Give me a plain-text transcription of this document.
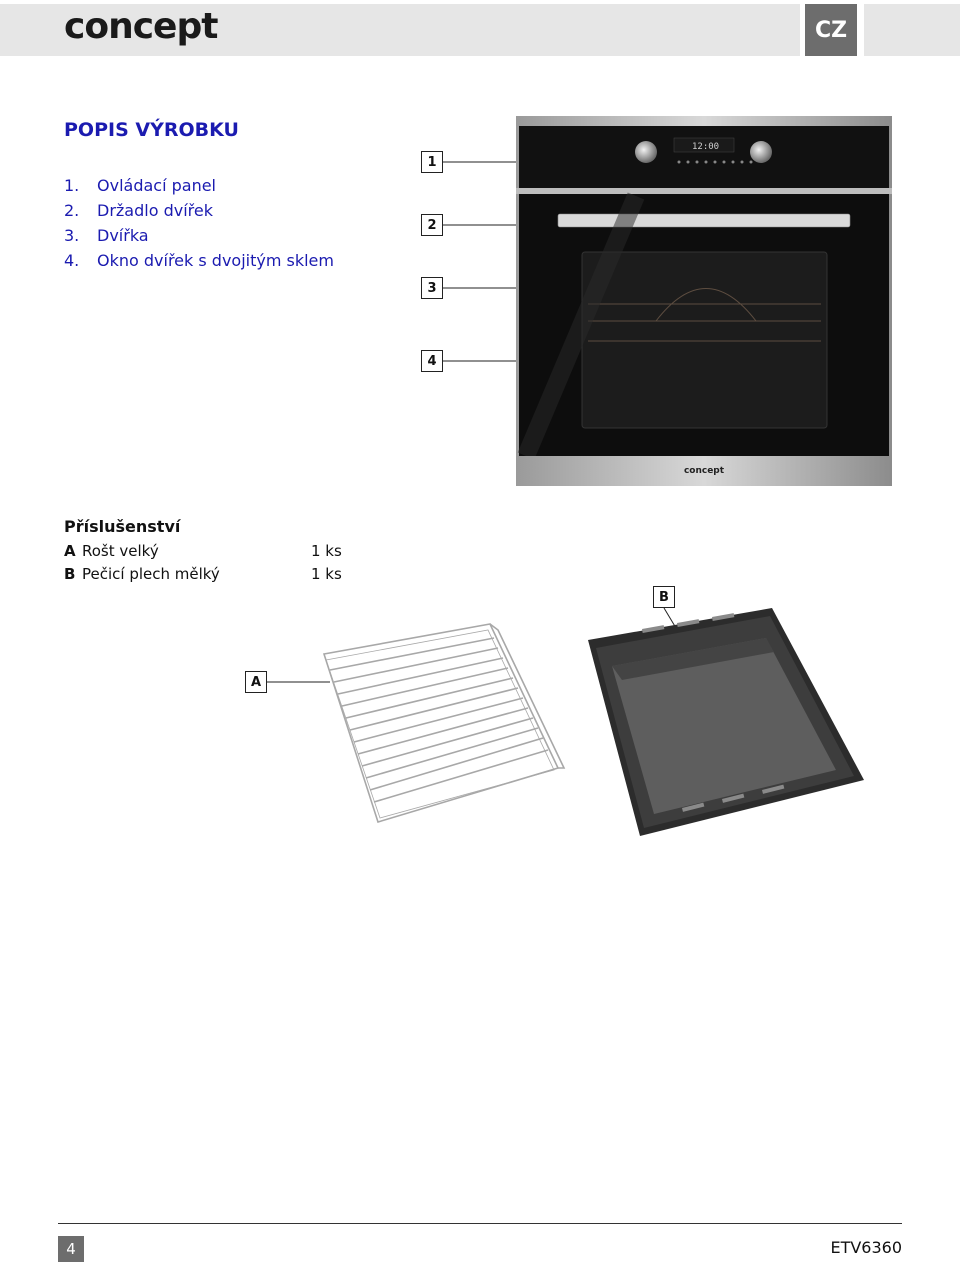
concept	CZ
POPIS VÝROBKU
1. Ovládací panel
2. Držadlo dvířek
3. Dvířka
4. Okno dvířek s dvojitým sklem
1
2
3
4
12:00
concept
Příslušenství
A Rošt velký	1 ks
B Pečicí plech mělký	1 ks
B
A
4	ETV6360
